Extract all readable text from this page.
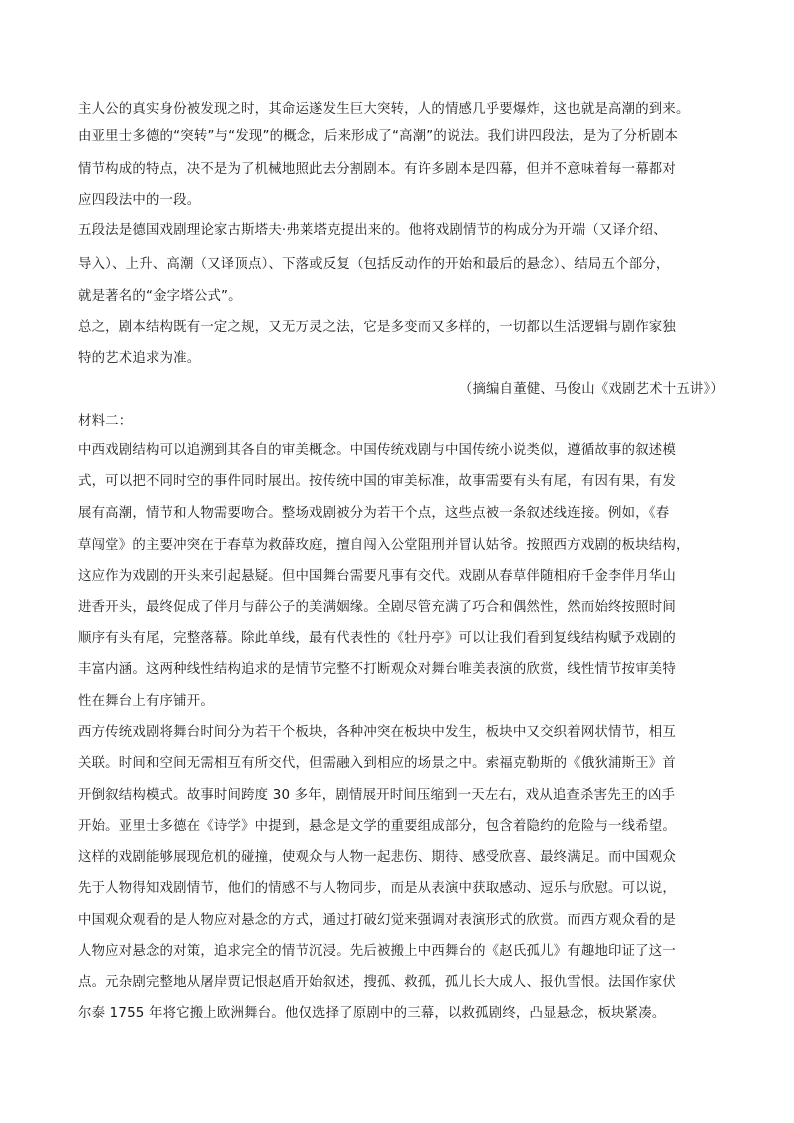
主人公的真实身份被发现之时，其命运遂发生巨大突转，人的情感几乎要爆炸，这也就是高潮的到来。
由亚里士多德的“突转”与“发现”的概念，后来形成了“高潮”的说法。我们讲四段法，是为了分析剧本
情节构成的特点，决不是为了机械地照此去分割剧本。有许多剧本是四幕，但并不意味着每一幕都对
应四段法中的一段。
五段法是德国戏剧理论家古斯塔夫·弗莱塔克提出来的。他将戏剧情节的构成分为开端（又译介绍、
导入）、上升、高潮（又译顶点）、下落或反复（包括反动作的开始和最后的悬念）、结局五个部分，
就是著名的“金字塔公式”。
总之，剧本结构既有一定之规，又无万灵之法，它是多变而又多样的，一切都以生活逻辑与剧作家独
特的艺术追求为准。
（摘编自董健、马俊山《戏剧艺术十五讲》）
材料二：
中西戏剧结构可以追溯到其各自的审美概念。中国传统戏剧与中国传统小说类似，遵循故事的叙述模
式，可以把不同时空的事件同时展出。按传统中国的审美标准，故事需要有头有尾，有因有果，有发
展有高潮，情节和人物需要吻合。整场戏剧被分为若干个点，这些点被一条叙述线连接。例如，《春
草闯堂》的主要冲突在于春草为救薛玫庭，擅自闯入公堂阻刑并冒认姑爷。按照西方戏剧的板块结构，
这应作为戏剧的开头来引起悬疑。但中国舞台需要凡事有交代。戏剧从春草伴随相府千金李伴月华山
进香开头，最终促成了伴月与薛公子的美满姻缘。全剧尽管充满了巧合和偶然性，然而始终按照时间
顺序有头有尾，完整落幕。除此单线，最有代表性的《牡丹亭》可以让我们看到复线结构赋予戏剧的
丰富内涵。这两种线性结构追求的是情节完整不打断观众对舞台唯美表演的欣赏，线性情节按审美特
性在舞台上有序铺开。
西方传统戏剧将舞台时间分为若干个板块，各种冲突在板块中发生，板块中又交织着网状情节，相互
关联。时间和空间无需相互有所交代，但需融入到相应的场景之中。索福克勒斯的《俄狄浦斯王》首
开倒叙结构模式。故事时间跨度 30 多年，剧情展开时间压缩到一天左右，戏从追查杀害先王的凶手
开始。亚里士多德在《诗学》中提到，悬念是文学的重要组成部分，包含着隐约的危险与一线希望。
这样的戏剧能够展现危机的碰撞，使观众与人物一起悲伤、期待、感受欣喜、最终满足。而中国观众
先于人物得知戏剧情节，他们的情感不与人物同步，而是从表演中获取感动、逗乐与欣慰。可以说，
中国观众观看的是人物应对悬念的方式，通过打破幻觉来强调对表演形式的欣赏。而西方观众看的是
人物应对悬念的对策，追求完全的情节沉浸。先后被搬上中西舞台的《赵氏孤儿》有趣地印证了这一
点。元杂剧完整地从屠岸贾记恨赵盾开始叙述，搜孤、救孤，孤儿长大成人、报仇雪恨。法国作家伏
尔泰 1755 年将它搬上欧洲舞台。他仅选择了原剧中的三幕，以救孤剧终，凸显悬念，板块紧凑。
